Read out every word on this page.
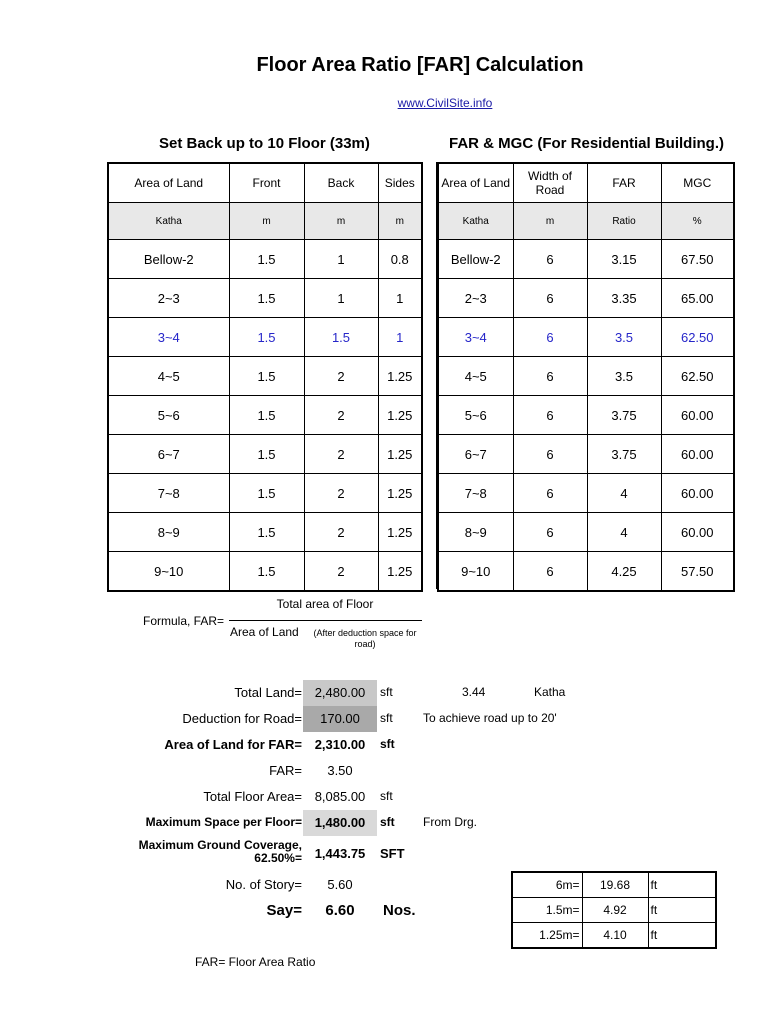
Floor Area Ratio [FAR] Calculation
www.CivilSite.info
Set Back up to 10 Floor (33m)	FAR & MGC (For Residential Building.)
Area of Land	Front	Back	Sides
Katha	m	m	m
Bellow-2	1.5	1	0.8
2~3	1.5	1	1
3~4	1.5	1.5	1
4~5	1.5	2	1.25
5~6	1.5	2	1.25
6~7	1.5	2	1.25
7~8	1.5	2	1.25
8~9	1.5	2	1.25
9~10	1.5	2	1.25
Area of Land	Width of Road	FAR	MGC
Katha	m	Ratio	%
Bellow-2	6	3.15	67.50
2~3	6	3.35	65.00
3~4	6	3.5	62.50
4~5	6	3.5	62.50
5~6	6	3.75	60.00
6~7	6	3.75	60.00
7~8	6	4	60.00
8~9	6	4	60.00
9~10	6	4.25	57.50
Formula, FAR=
Total area of Floor
Area of Land	(After deduction space for road)
Total Land= 2,480.00	sft	3.44	Katha
Deduction for Road=	170.00	sft	To achieve road up to 20'
Area of Land for FAR= 2,310.00	sft
FAR=	3.50
Total Floor Area= 8,085.00	sft
Maximum Space per Floor= 1,480.00	sft From Drg.
Maximum Ground Coverage,
62.50%= 1,443.75	SFT
No. of Story=	5.60
Say=	6.60	Nos.
6m=	19.68	ft
1.5m=	4.92	ft
1.25m=	4.10	ft
FAR= Floor Area Ratio
